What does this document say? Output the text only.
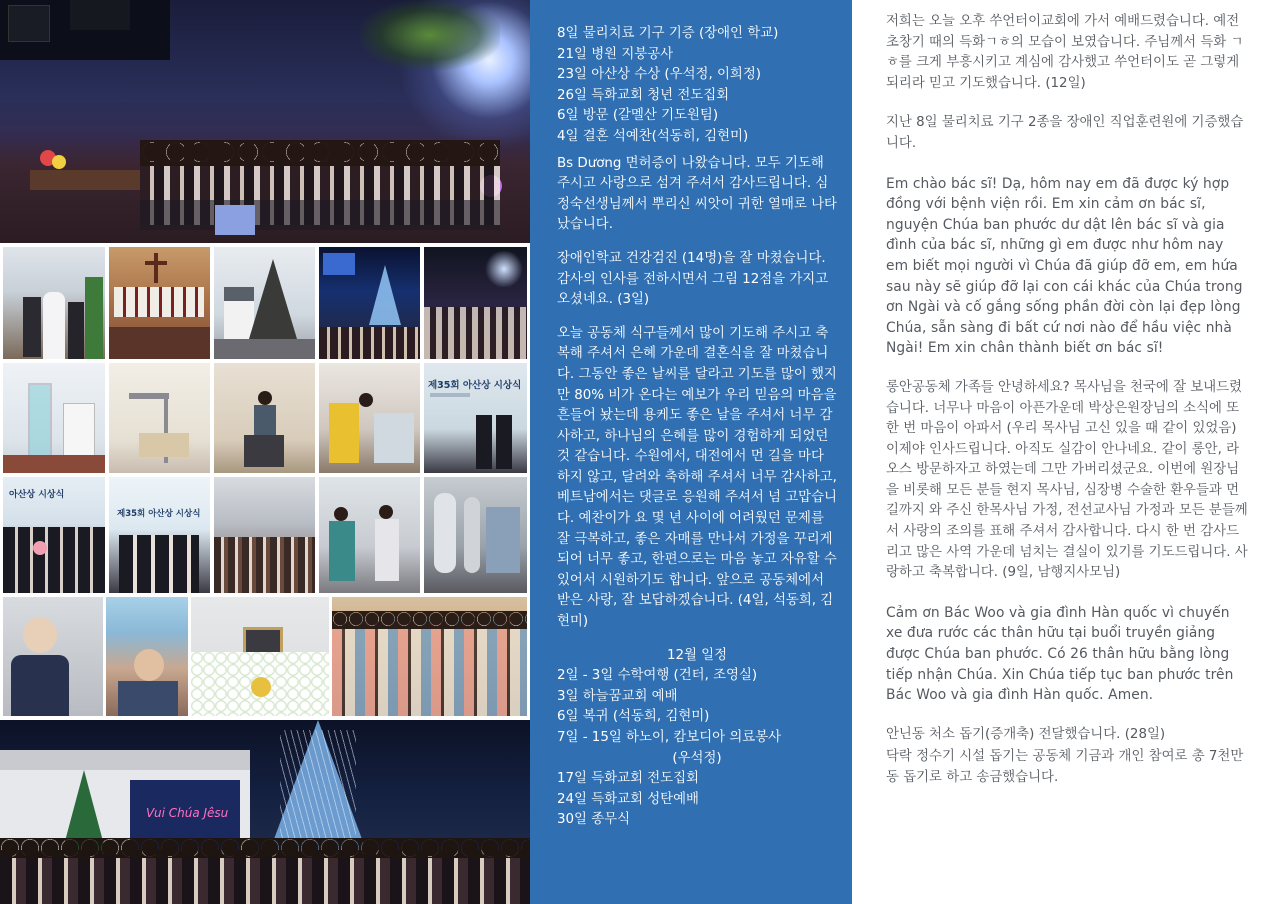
제35회 아산상 시상식
아산상 시상식
제35회 아산상 시상식
Vui Chúa Jêsu
8일 물리치료 기구 기증 (장애인 학교)
21일 병원 지붕공사
23일 아산상 수상 (우석정, 이희정)
26일 득화교회 청년 전도집회
6일 방문 (갈멜산 기도원팀)
4일 결혼 석예찬(석동히, 김현미)

Bs Dương 면허증이 나왔습니다. 모두 기도해 주시고 사랑으로 섬겨 주셔서 감사드립니다. 심정숙선생님께서 뿌리신 씨앗이 귀한 열매로 나타났습니다.

장애인학교 건강검진 (14명)을 잘 마쳤습니다. 감사의 인사를 전하시면서 그림 12점을 가지고 오셨네요. (3일)

오늘 공동체 식구들께서 많이 기도해 주시고 축복해 주셔서 은혜 가운데 결혼식을 잘 마쳤습니다. 그동안 좋은 날씨를 달라고 기도를 많이 했지만 80% 비가 온다는 예보가 우리 믿음의 마음을 흔들어 놨는데 용케도 좋은 날을 주셔서 너무 감사하고, 하나님의 은혜를 많이 경험하게 되었던 것 같습니다. 수원에서, 대전에서 먼 길을 마다 하지 않고, 달려와 축하해 주셔서 너무 감사하고, 베트남에서는 댓글로 응원해 주셔서 넘 고맙습니다. 예찬이가 요 몇 년 사이에 어려웠던 문제를 잘 극복하고, 좋은 자매를 만나서 가정을 꾸리게 되어 너무 좋고, 한편으로는 마음 놓고 자유할 수 있어서 시원하기도 합니다. 앞으로 공동체에서 받은 사랑, 잘 보답하겠습니다. (4일, 석동희, 김현미)

12월 일정
2일 - 3일 수학여행 (건터, 조영실)
3일 하늘꿈교회 예배
6일 복귀 (석동희, 김현미)
7일 - 15일 하노이, 캄보디아 의료봉사
(우석정)
17일 득화교회 전도집회
24일 득화교회 성탄예배
30일 종무식

저희는 오늘 오후 쑤언터이교회에 가서 예배드렸습니다. 예전 초창기 때의 득화ㄱㅎ의 모습이 보였습니다. 주님께서 득화 ㄱㅎ를 크게 부흥시키고 계심에 감사했고 쑤언터이도 곧 그렇게 되리라 믿고 기도했습니다. (12일)

지난 8일 물리치료 기구 2종을 장애인 직업훈련원에 기증했습니다.

Em chào bác sĩ! Dạ, hôm nay em đã được ký hợp đồng với bệnh viện rồi. Em xin cảm ơn bác sĩ, nguyện Chúa ban phước dư dật lên bác sĩ và gia đình của bác sĩ, những gì em được như hôm nay em biết mọi người vì Chúa đã giúp đỡ em, em hứa sau này sẽ giúp đỡ lại con cái khác của Chúa trong ơn Ngài và cố gắng sống phần đời còn lại đẹp lòng Chúa, sẵn sàng đi bất cứ nơi nào để hầu việc nhà Ngài! Em xin chân thành biết ơn bác sĩ!

롱안공동체 가족들 안녕하세요? 목사님을 천국에 잘 보내드렸습니다. 너무나 마음이 아픈가운데 박상은원장님의 소식에 또 한 번 마음이 아파서 (우리 목사님 고신 있을 때 같이 있었음) 이제야 인사드립니다. 아직도 실감이 안나네요. 같이 롱안, 라오스 방문하자고 하였는데 그만 가버리셨군요. 이번에 원장님을 비롯해 모든 분들 현지 목사님, 심장병 수술한 환우들과 먼길까지 와 주신 한목사님 가정, 전선교사님 가정과 모든 분들께서 사랑의 조의를 표해 주셔서 감사합니다. 다시 한 번 감사드리고 많은 사역 가운데 넘치는 결실이 있기를 기도드립니다. 사랑하고 축복합니다. (9일, 남행지사모님)

Cảm ơn Bác Woo và gia đình Hàn quốc vì chuyến xe đưa rước các thân hữu tại buổi truyền giảng được Chúa ban phước. Có 26 thân hữu bằng lòng tiếp nhận Chúa. Xin Chúa tiếp tục ban phước trên Bác Woo và gia đình Hàn quốc. Amen.

안닌동 처소 돕기(증개축) 전달했습니다. (28일)

닥락 정수기 시설 돕기는 공동체 기금과 개인 참여로 총 7천만동 돕기로 하고 송금했습니다.
